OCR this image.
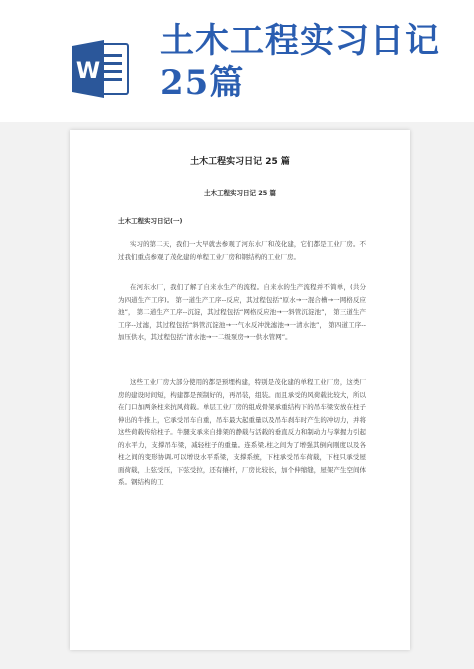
W
土木工程实习日记
25篇
土木工程实习日记 25 篇
土木工程实习日记 25 篇
土木工程实习日记(一)

实习的第二天，我们一大早就去参观了河东水厂和茂化建，它们都是工业厂房。不过我们重点参观了茂化建的单程工业厂房和钢结构的工业厂房。

在河东水厂，我们了解了自来水生产的流程。自来水的生产流程并不简单，(共分为四道生产工序)。 第一道生产工序--反应，其过程包括“原水→一混合槽→一网格反应池”， 第二道生产工序--沉淀，其过程包括“网格反应池→一斜管沉淀池”， 第三道生产工序--过滤，其过程包括“斜管沉淀池→一气水反冲洗滤池→一清水池”， 第四道工序--加压供水，其过程包括“清水池→一二级泵房→一供水管网”。

这些工业厂房大部分使用的都是预埋构建，特别是茂化建的单程工业厂房，这类厂房的建设时间短，构建都是预制好的，再吊装，组装。而且承受的风荷载比较大，所以在门口加两条柱来抗风荷载。单层工业厂房的组成骨架承重结构下的吊车梁安放在柱子伸出的牛推上，它承受吊车自重，吊车最大起重量以及吊车刹车时产生的冲切力，并将这些荷载传给柱子。牛腿支承来自排架的静载与活载的垂直反力和制动力与掌握力引起的水平力，支撑吊车梁，减轻柱子的重量。连系梁,柱之间为了增强其倒向刚度以及各柱之间的变形协调,可以增设水平系梁，支撑系统，下柱承受吊车荷载，下柱只承受屋面荷载，上弦受压，下弦受拉，还有攘杆，厂房比较长，加个伸缩缝，屋架产生空间体系。钢结构的工
